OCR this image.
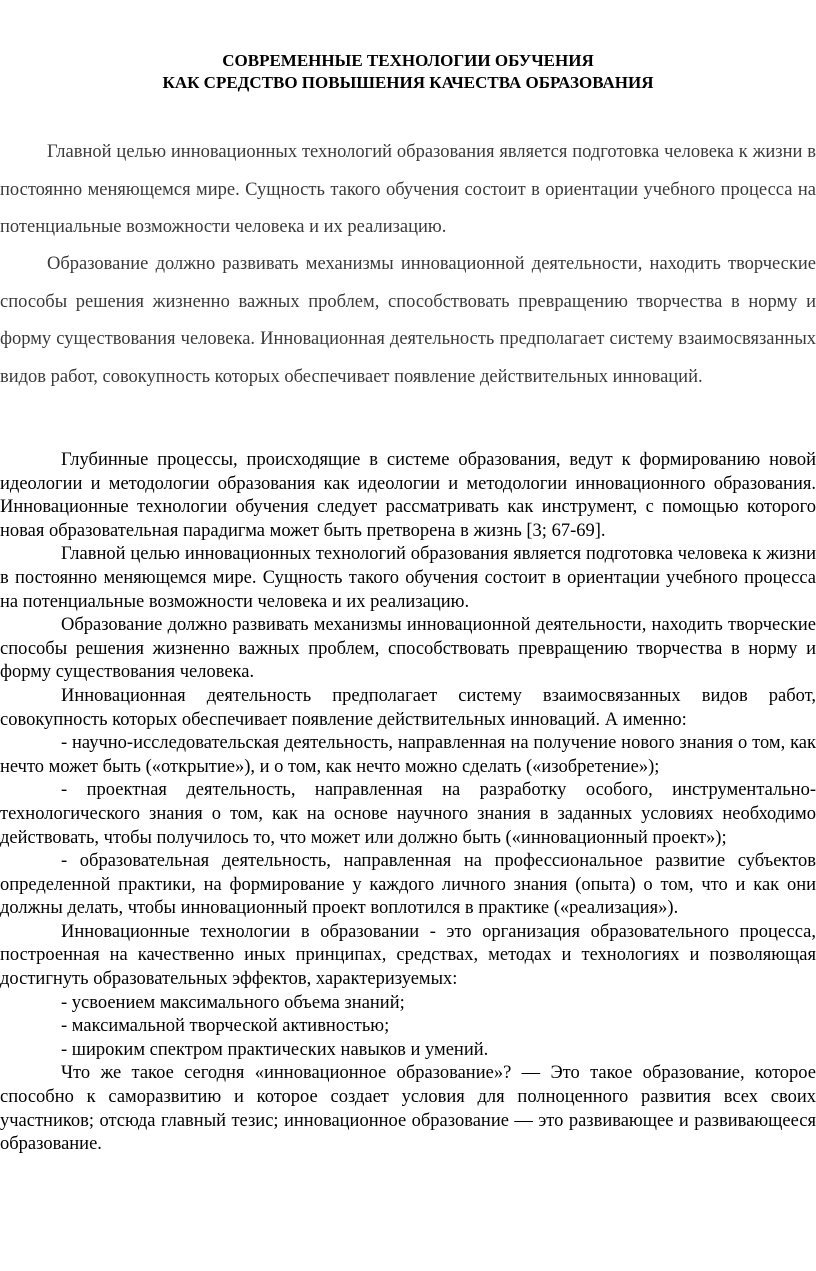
СОВРЕМЕННЫЕ ТЕХНОЛОГИИ ОБУЧЕНИЯ
КАК СРЕДСТВО ПОВЫШЕНИЯ КАЧЕСТВА ОБРАЗОВАНИЯ

Главной целью инновационных технологий образования является подготовка человека к жизни в постоянно меняющемся мире. Сущность такого обучения состоит в ориентации учебного процесса на потенциальные возможности человека и их реализацию.

Образование должно развивать механизмы инновационной деятельности, находить творческие способы решения жизненно важных проблем, способствовать превращению творчества в норму и форму существования человека. Инновационная деятельность предполагает систему взаимосвязанных видов работ, совокупность которых обеспечивает появление действительных инноваций.

Глубинные процессы, происходящие в системе образования, ведут к формированию новой идеологии и методологии образования как идеологии и методологии инновационного образования. Инновационные технологии обучения следует рассматривать как инструмент, с помощью которого новая образовательная парадигма может быть претворена в жизнь [3; 67-69].

Главной целью инновационных технологий образования является подготовка человека к жизни в постоянно меняющемся мире. Сущность такого обучения состоит в ориентации учебного процесса на потенциальные возможности человека и их реализацию.

Образование должно развивать механизмы инновационной деятельности, находить творческие способы решения жизненно важных проблем, способствовать превращению творчества в норму и форму существования человека.

Инновационная деятельность предполагает систему взаимосвязанных видов работ, совокупность которых обеспечивает появление действительных инноваций. А именно:

- научно-исследовательская деятельность, направленная на получение нового знания о том, как нечто может быть («открытие»), и о том, как нечто можно сделать («изобретение»);

- проектная деятельность, направленная на разработку особого, инструментально-технологического знания о том, как на основе научного знания в заданных условиях необходимо действовать, чтобы получилось то, что может или должно быть («инновационный проект»);

- образовательная деятельность, направленная на профессиональное развитие субъектов определенной практики, на формирование у каждого личного знания (опыта) о том, что и как они должны делать, чтобы инновационный проект воплотился в практике («реализация»).

Инновационные технологии в образовании - это организация образовательного процесса, построенная на качественно иных принципах, средствах, методах и технологиях и позволяющая достигнуть образовательных эффектов, характеризуемых:

- усвоением максимального объема знаний;

- максимальной творческой активностью;

- широким спектром практических навыков и умений.

Что же такое сегодня «инновационное образование»? — Это такое образование, которое способно к саморазвитию и которое создает условия для полноценного развития всех своих участников; отсюда главный тезис; инновационное образование — это развивающее и развивающееся образование.
